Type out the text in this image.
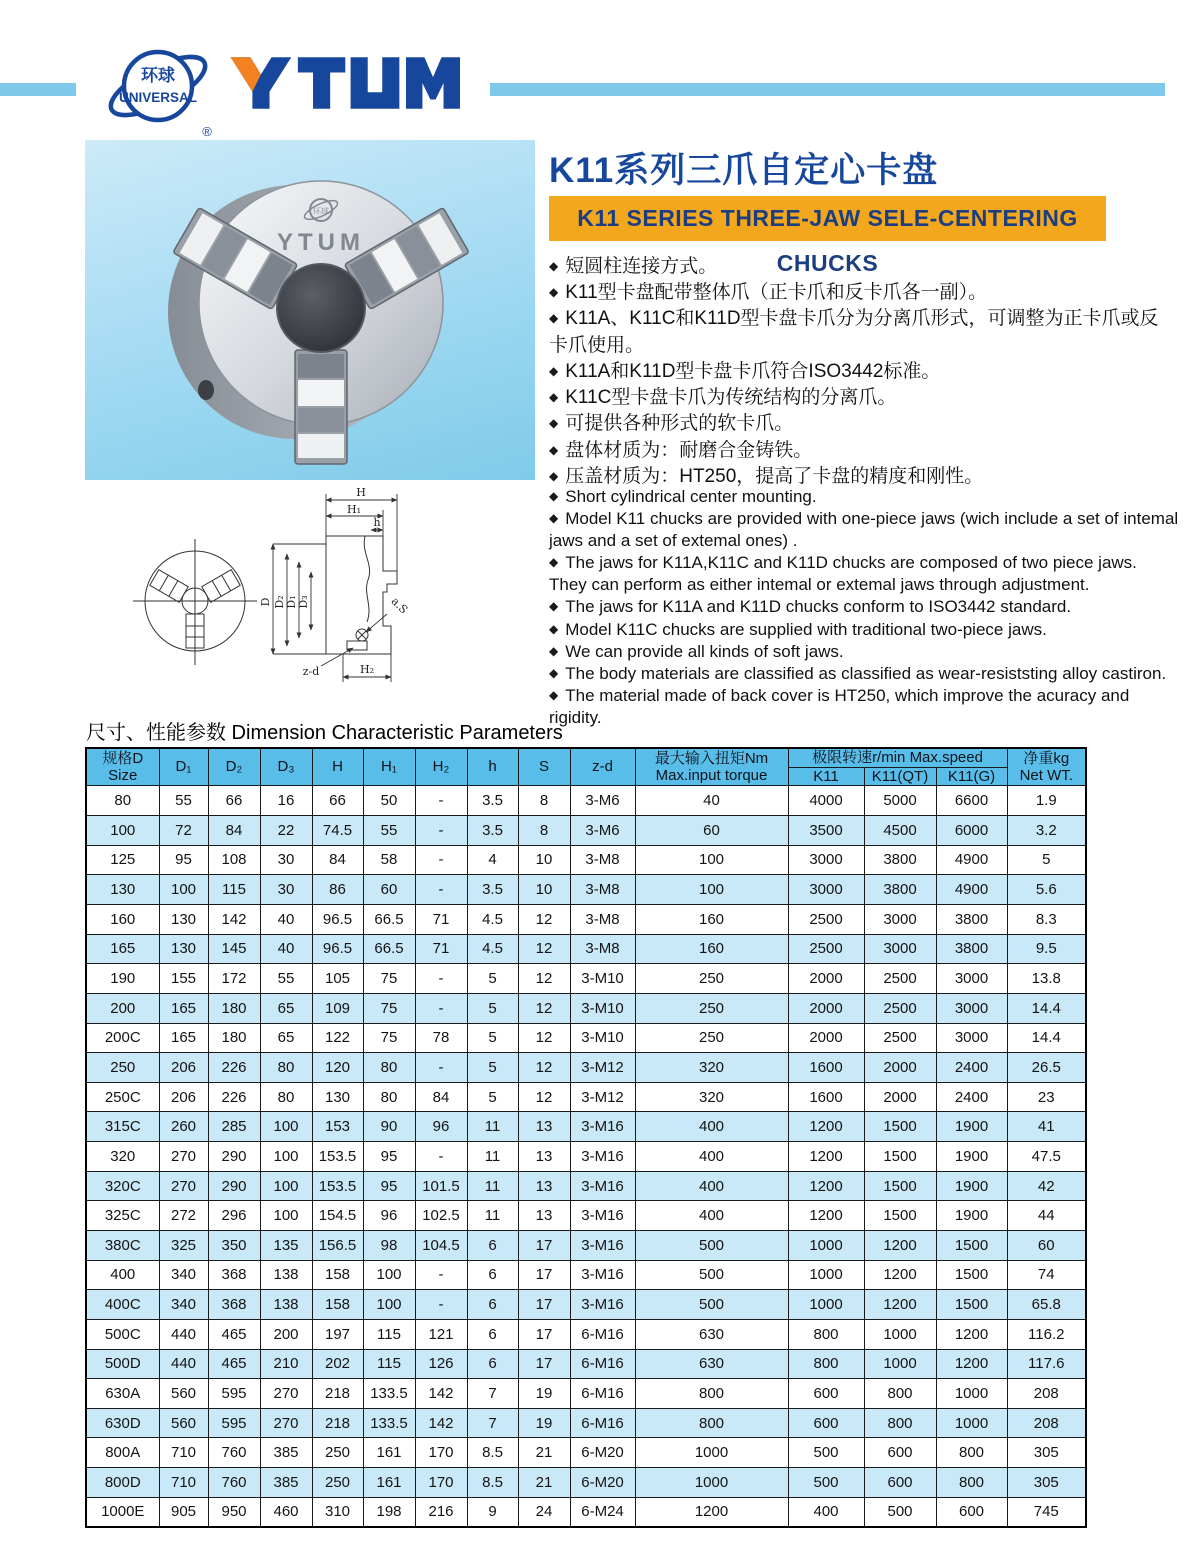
环球
UNIVERSAL
®
环球
YTUM
K11系列三爪自定心卡盘
K11 SERIES THREE-JAW SELE-CENTERING CHUCKS
◆ 短圆柱连接方式。
◆ K11型卡盘配带整体爪（正卡爪和反卡爪各一副）。
◆ K11A、K11C和K11D型卡盘卡爪分为分离爪形式，可调整为正卡爪或反卡爪使用。
◆ K11A和K11D型卡盘卡爪符合ISO3442标准。
◆ K11C型卡盘卡爪为传统结构的分离爪。
◆ 可提供各种形式的软卡爪。
◆ 盘体材质为：耐磨合金铸铁。
◆ 压盖材质为：HT250，提高了卡盘的精度和刚性。
◆ Short cylindrical center mounting.
◆ Model K11 chucks are provided with one-piece jaws (wich include a set of intemal jaws and a set of extemal ones) .
◆ The jaws for K11A,K11C and K11D chucks are composed of two piece jaws. They can perform as either intemal or extemal jaws through adjustment.
◆ The jaws for K11A and K11D chucks conform to ISO3442 standard.
◆ Model K11C chucks are supplied with traditional two-piece jaws.
◆ We can provide all kinds of soft jaws.
◆ The body materials are classified as classified as wear-resiststing alloy castiron.
◆ The material made of back cover is HT250, which improve the acuracy and rigidity.
H
H₁
h
D D₂ D₁ D₃	a.S
z-d	H₂
尺寸、性能参数 Dimension Characteristic Parameters
规格D
Size	D₁	D₂	D₃	H	H₁	H₂	h	S	z-d	最大输入扭矩Nm
Max.input torque	极限转速r/min Max.speed			净重kg
Net WT.
											K11	K11(QT)	K11(G)	
80	55	66	16	66	50	-	3.5	8	3-M6	40	4000	5000	6600	1.9
100	72	84	22	74.5	55	-	3.5	8	3-M6	60	3500	4500	6000	3.2
125	95	108	30	84	58	-	4	10	3-M8	100	3000	3800	4900	5
130	100	115	30	86	60	-	3.5	10	3-M8	100	3000	3800	4900	5.6
160	130	142	40	96.5	66.5	71	4.5	12	3-M8	160	2500	3000	3800	8.3
165	130	145	40	96.5	66.5	71	4.5	12	3-M8	160	2500	3000	3800	9.5
190	155	172	55	105	75	-	5	12	3-M10	250	2000	2500	3000	13.8
200	165	180	65	109	75	-	5	12	3-M10	250	2000	2500	3000	14.4
200C	165	180	65	122	75	78	5	12	3-M10	250	2000	2500	3000	14.4
250	206	226	80	120	80	-	5	12	3-M12	320	1600	2000	2400	26.5
250C	206	226	80	130	80	84	5	12	3-M12	320	1600	2000	2400	23
315C	260	285	100	153	90	96	11	13	3-M16	400	1200	1500	1900	41
320	270	290	100	153.5	95	-	11	13	3-M16	400	1200	1500	1900	47.5
320C	270	290	100	153.5	95	101.5	11	13	3-M16	400	1200	1500	1900	42
325C	272	296	100	154.5	96	102.5	11	13	3-M16	400	1200	1500	1900	44
380C	325	350	135	156.5	98	104.5	6	17	3-M16	500	1000	1200	1500	60
400	340	368	138	158	100	-	6	17	3-M16	500	1000	1200	1500	74
400C	340	368	138	158	100	-	6	17	3-M16	500	1000	1200	1500	65.8
500C	440	465	200	197	115	121	6	17	6-M16	630	800	1000	1200	116.2
500D	440	465	210	202	115	126	6	17	6-M16	630	800	1000	1200	117.6
630A	560	595	270	218	133.5	142	7	19	6-M16	800	600	800	1000	208
630D	560	595	270	218	133.5	142	7	19	6-M16	800	600	800	1000	208
800A	710	760	385	250	161	170	8.5	21	6-M20	1000	500	600	800	305
800D	710	760	385	250	161	170	8.5	21	6-M20	1000	500	600	800	305
1000E	905	950	460	310	198	216	9	24	6-M24	1200	400	500	600	745
